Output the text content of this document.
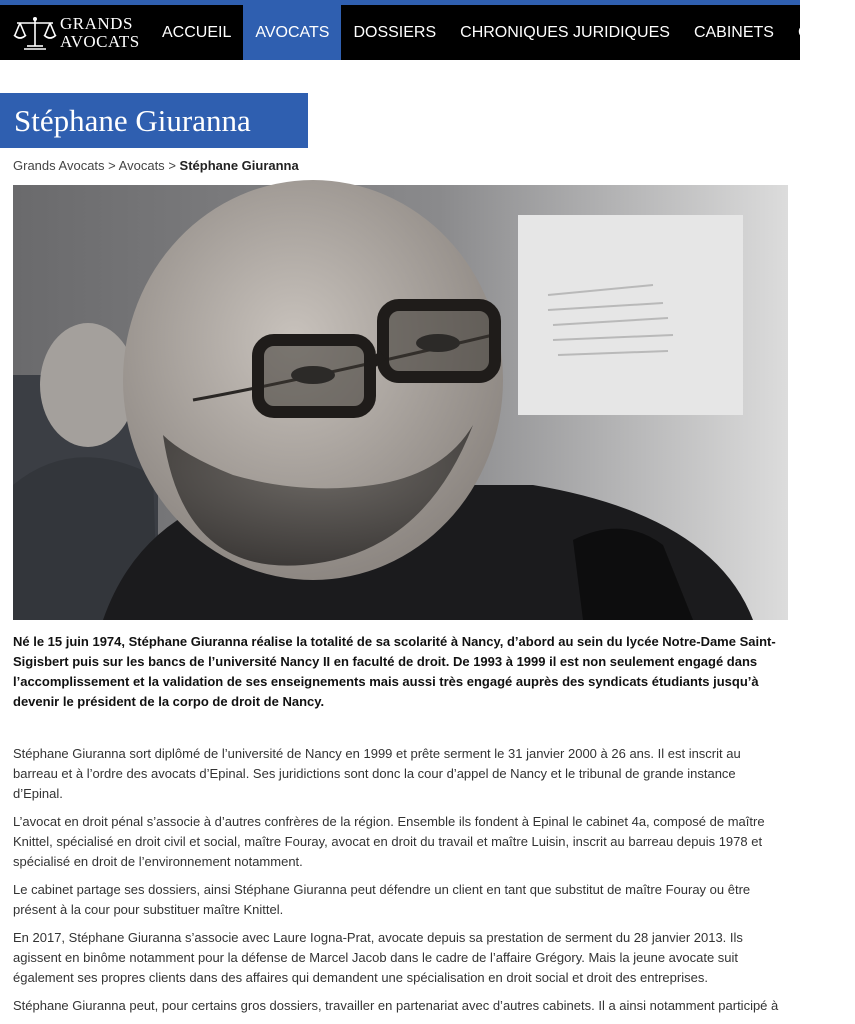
GRANDS
AVOCATS	ACCUEIL	AVOCATS	DOSSIERS	CHRONIQUES JURIDIQUES	CABINETS	CONT
Stéphane Giuranna
Grands Avocats > Avocats > Stéphane Giuranna

Né le 15 juin 1974, Stéphane Giuranna réalise la totalité de sa scolarité à Nancy, d’abord au sein du lycée Notre-Dame Saint-Sigisbert puis sur les bancs de l’université Nancy II en faculté de droit. De 1993 à 1999 il est non seulement engagé dans l’accomplissement et la validation de ses enseignements mais aussi très engagé auprès des syndicats étudiants jusqu’à devenir le président de la corpo de droit de Nancy.

Stéphane Giuranna sort diplômé de l’université de Nancy en 1999 et prête serment le 31 janvier 2000 à 26 ans. Il est inscrit au barreau et à l’ordre des avocats d’Epinal. Ses juridictions sont donc la cour d’appel de Nancy et le tribunal de grande instance d’Epinal.

L’avocat en droit pénal s’associe à d’autres confrères de la région. Ensemble ils fondent à Epinal le cabinet 4a, composé de maître Knittel, spécialisé en droit civil et social, maître Fouray, avocat en droit du travail et maître Luisin, inscrit au barreau depuis 1978 et spécialisé en droit de l’environnement notamment.

Le cabinet partage ses dossiers, ainsi Stéphane Giuranna peut défendre un client en tant que substitut de maître Fouray ou être présent à la cour pour substituer maître Knittel.

En 2017, Stéphane Giuranna s’associe avec Laure Iogna-Prat, avocate depuis sa prestation de serment du 28 janvier 2013. Ils agissent en binôme notamment pour la défense de Marcel Jacob dans le cadre de l’affaire Grégory. Mais la jeune avocate suit également ses propres clients dans des affaires qui demandent une spécialisation en droit social et droit des entreprises.

Stéphane Giuranna peut, pour certains gros dossiers, travailler en partenariat avec d’autres cabinets. Il a ainsi notamment participé à
